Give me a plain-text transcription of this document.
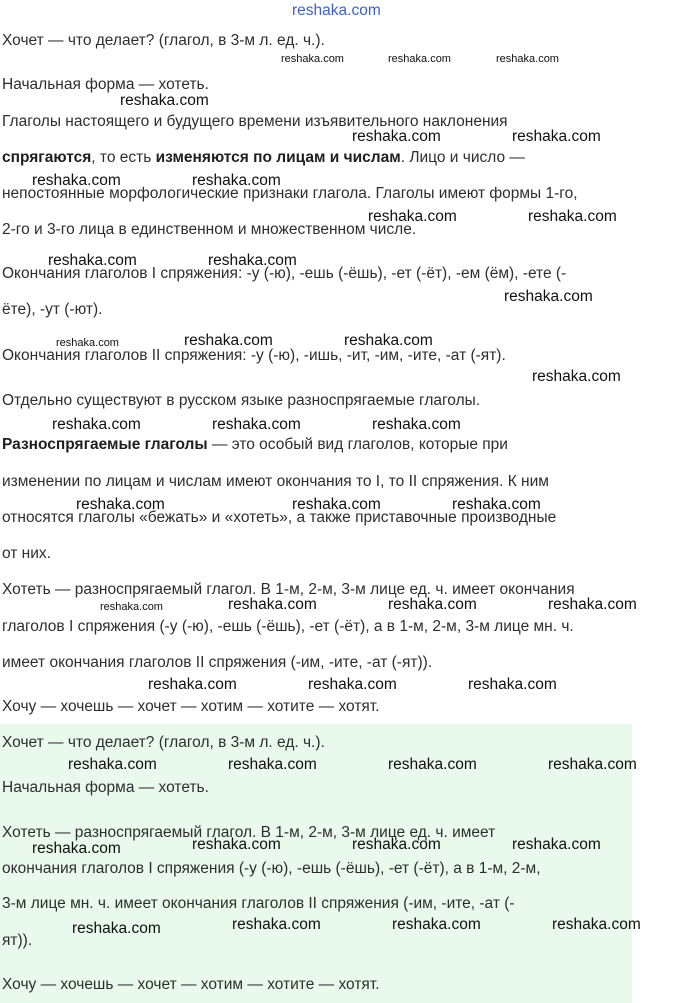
Хочет — что делает? (глагол, в 3-м л. ед. ч.).
Начальная форма — хотеть.
Глаголы настоящего и будущего времени изъявительного наклонения
спрягаются, то есть изменяются по лицам и числам. Лицо и число —
непостоянные морфологические признаки глагола. Глаголы имеют формы 1-го,
2-го и 3-го лица в единственном и множественном числе.
Окончания глаголов I спряжения: -у (-ю), -ешь (-ёшь), -ет (-ёт), -ем (ём), -ете (-
ёте), -ут (-ют).
Окончания глаголов II спряжения: -у (-ю), -ишь, -ит, -им, -ите, -ат (-ят).
Отдельно существуют в русском языке разноспрягаемые глаголы.
Разноспрягаемые глаголы — это особый вид глаголов, которые при
изменении по лицам и числам имеют окончания то I, то II спряжения. К ним
относятся глаголы «бежать» и «хотеть», а также приставочные производные
от них.
Хотеть — разноспрягаемый глагол. В 1-м, 2-м, 3-м лице ед. ч. имеет окончания
глаголов I спряжения (-у (-ю), -ешь (-ёшь), -ет (-ёт), а в 1-м, 2-м, 3-м лице мн. ч.
имеет окончания глаголов II спряжения (-им, -ите, -ат (-ят)).
Хочу — хочешь — хочет — хотим — хотите — хотят.
Хочет — что делает? (глагол, в 3-м л. ед. ч.).
Начальная форма — хотеть.
Хотеть — разноспрягаемый глагол. В 1-м, 2-м, 3-м лице ед. ч. имеет
окончания глаголов I спряжения (-у (-ю), -ешь (-ёшь), -ет (-ёт), а в 1-м, 2-м,
3-м лице мн. ч. имеет окончания глаголов II спряжения (-им, -ите, -ат (-
ят)).
Хочу — хочешь — хочет — хотим — хотите — хотят.
reshaka.com
reshaka.com	reshaka.com	reshaka.com
reshaka.com
reshaka.com	reshaka.com
reshaka.com	reshaka.com
reshaka.com	reshaka.com
reshaka.com	reshaka.com
reshaka.com
reshaka.com	reshaka.com	reshaka.com
reshaka.com
reshaka.com	reshaka.com	reshaka.com
reshaka.com	reshaka.com	reshaka.com
reshaka.com	reshaka.com	reshaka.com	reshaka.com
reshaka.com	reshaka.com	reshaka.com
reshaka.com	reshaka.com	reshaka.com	reshaka.com
reshaka.com	reshaka.com	reshaka.com	reshaka.com
reshaka.com	reshaka.com	reshaka.com	reshaka.com
